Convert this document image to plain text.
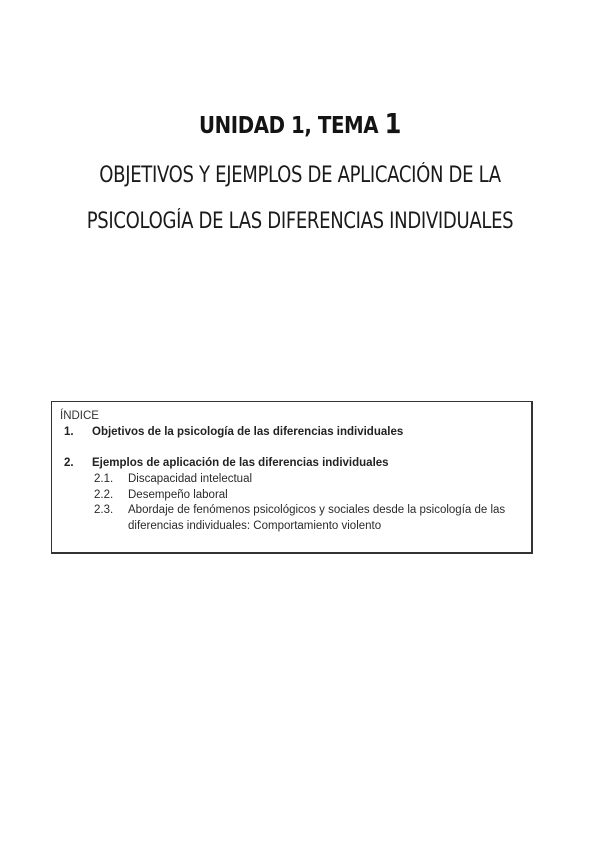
UNIDAD 1, TEMA 1

OBJETIVOS Y EJEMPLOS DE APLICACIÓN DE LA

PSICOLOGÍA DE LAS DIFERENCIAS INDIVIDUALES

ÍNDICE
1. Objetivos de la psicología de las diferencias individuales
2. Ejemplos de aplicación de las diferencias individuales
2.1.	Discapacidad intelectual
2.2.	Desempeño laboral
2.3.	Abordaje de fenómenos psicológicos y sociales desde la psicología de las diferencias individuales: Comportamiento violento
